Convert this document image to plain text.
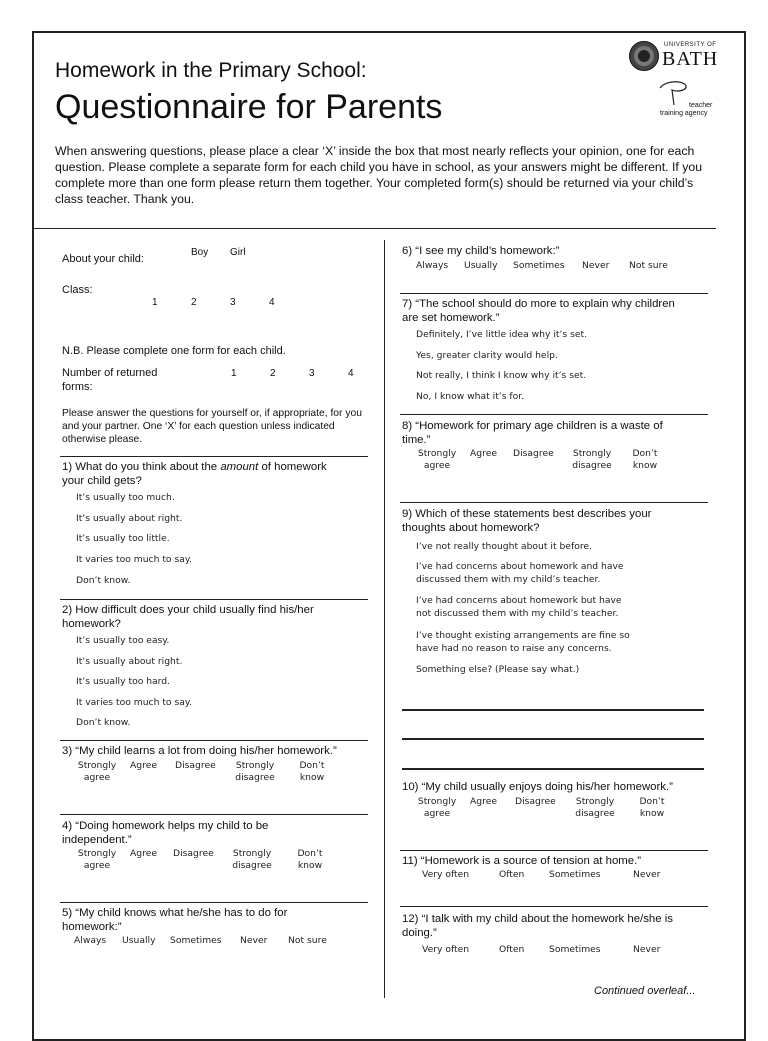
UNIVERSITY OF
BATH
teacher
training agency
Homework in the Primary School:
Questionnaire for Parents
When answering questions, please place a clear ‘X’ inside the box that most nearly reflects your opinion, one for each question. Please complete a separate form for each child you have in school, as your answers might be different. If you complete more than one form please return them together. Your completed form(s) should be returned via your child’s class teacher. Thank you.
About your child:
Boy Girl
Class:
1	2	3	4
N.B. Please complete one form for each child.
Number of returned
forms:
1	2	3	4
Please answer the questions for yourself or, if appropriate, for you and your partner. One ‘X’ for each question unless indicated otherwise please.
1) What do you think about the amount of homework
your child gets?
It’s usually too much.
It’s usually about right.
It’s usually too little.
It varies too much to say.
Don’t know.
2) How difficult does your child usually find his/her
homework?
It’s usually too easy.
It’s usually about right.
It’s usually too hard.
It varies too much to say.
Don’t know.
3) “My child learns a lot from doing his/her homework.”
Strongly
agree
Agree Disagree	Strongly
disagree
Don’t
know
4) “Doing homework helps my child to be
independent.”
Strongly
agree
Agree Disagree	Strongly
disagree
Don’t
know
5) “My child knows what he/she has to do for
homework:”
Always Usually Sometimes Never Not sure
6) “I see my child’s homework:”
Always Usually Sometimes Never Not sure
7) “The school should do more to explain why children
are set homework.”
Definitely, I’ve little idea why it’s set.
Yes, greater clarity would help.
Not really, I think I know why it’s set.
No, I know what it’s for.
8) “Homework for primary age children is a waste of
time.”
Strongly
agree
Agree Disagree	Strongly
disagree
Don’t
know
9) Which of these statements best describes your
thoughts about homework?
I’ve not really thought about it before.
I’ve had concerns about homework and have
discussed them with my child’s teacher.
I’ve had concerns about homework but have
not discussed them with my child’s teacher.
I’ve thought existing arrangements are fine so
have had no reason to raise any concerns.
Something else? (Please say what.)
10) “My child usually enjoys doing his/her homework.”
Strongly
agree
Agree Disagree	Strongly
disagree
Don’t
know
11) “Homework is a source of tension at home.”
Very often	Often	Sometimes	Never
12) “I talk with my child about the homework he/she is
doing.”
Very often	Often	Sometimes	Never
Continued overleaf...
